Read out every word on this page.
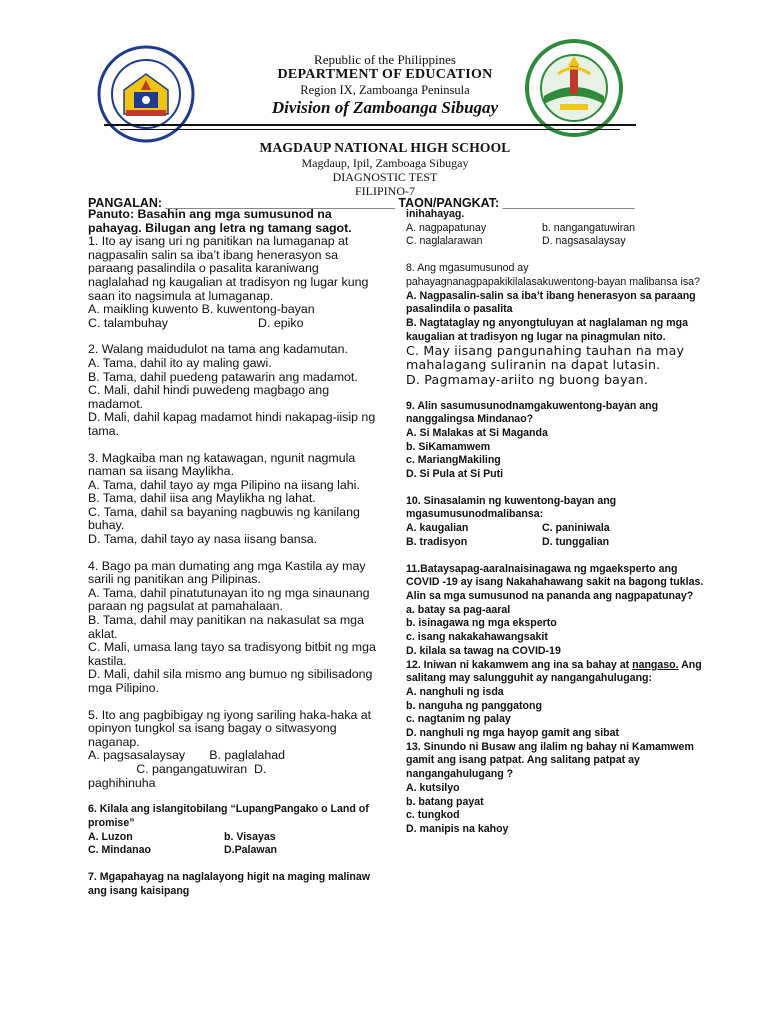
Republic of the Philippines
DEPARTMENT OF EDUCATION
Region IX, Zamboanga Peninsula
Division of Zamboanga Sibugay
MAGDAUP NATIONAL HIGH SCHOOL
Magdaup, Ipil, Zamboaga Sibugay
DIAGNOSTIC TEST
FILIPINO-7
PANGALAN: _________________________________ TAON/PANGKAT: ___________________

Panuto: Basahin ang mga sumusunod na pahayag. Bilugan ang letra ng tamang sagot.

1. Ito ay isang uri ng panitikan na lumaganap at nagpasalin salin sa iba’t ibang henerasyon sa paraang pasalindila o pasalita karaniwang naglalahad ng kaugalian at tradisyon ng lugar kung saan ito nagsimula at lumaganap.

A. maikling kuwento B. kuwentong-bayan

C. talambuhay	D. epiko

2. Walang maidudulot na tama ang kadamutan.

A. Tama, dahil ito ay maling gawi.

B. Tama, dahil puedeng patawarin ang madamot.

C. Mali, dahil hindi puwedeng magbago ang madamot.

D. Mali, dahil kapag madamot hindi nakapag-iisip ng tama.

3. Magkaiba man ng katawagan, ngunit nagmula naman sa iisang Maylikha.

A. Tama, dahil tayo ay mga Pilipino na iisang lahi.

B. Tama, dahil iisa ang Maylikha ng lahat.

C. Tama, dahil sa bayaning nagbuwis ng kanilang buhay.

D. Tama, dahil tayo ay nasa iisang bansa.

4. Bago pa man dumating ang mga Kastila ay may sarili ng panitikan ang Pilipinas.

A. Tama, dahil pinatutunayan ito ng mga sinaunang paraan ng pagsulat at pamahalaan.

B. Tama, dahil may panitikan na nakasulat sa mga aklat.

C. Mali, umasa lang tayo sa tradisyong bitbit ng mga kastila.

D. Mali, dahil sila mismo ang bumuo ng sibilisadong mga Pilipino.

5. Ito ang pagbibigay ng iyong sariling haka-haka at opinyon tungkol sa isang bagay o sitwasyong naganap.

A. pagsasalaysay       B. paglalahad

C. pangangatuwiran  D.

paghihinuha

6. Kilala ang islangitobilang “LupangPangako o Land of promise”

A. Luzon	b. Visayas
C. Mindanao	D.Palawan

7. Mgapahayag na naglalayong higit na maging malinaw ang isang kaisipang

inihahayag.

A. nagpapatunay	b. nangangatuwiran
C. naglalarawan	D. nagsasalaysay

8. Ang mgasumusunod ay pahayagnanagpapakikilalasakuwentong-bayan malibansa isa?

A. Nagpasalin-salin sa iba’t ibang henerasyon sa paraang pasalindila o pasalita

B. Nagtataglay ng anyongtuluyan at naglalaman ng mga kaugalian at tradisyon ng lugar na pinagmulan nito.

C. May iisang pangunahing tauhan na may mahalagang suliranin na dapat lutasin.

D. Pagmamay-ariito ng buong bayan.

9. Alin sasumusunodnamgakuwentong-bayan ang nanggalingsa Mindanao?

A. Si Malakas at Si Maganda

b. SiKamamwem

c. MariangMakiling

D. Si Pula at Si Puti

10. Sinasalamin ng kuwentong-bayan ang mgasumusunodmalibansa:

A. kaugalian	C. paniniwala
B. tradisyon	D. tunggalian

11.Bataysapag-aaralnaisinagawa ng mgaeksperto ang COVID -19 ay isang Nakahahawang sakit na bagong tuklas. Alin sa mga sumusunod na pananda ang nagpapatunay?

a. batay sa pag-aaral

b. isinagawa ng mga eksperto

c. isang nakakahawangsakit

D. kilala sa tawag na COVID-19

12. Iniwan ni kakamwem ang ina sa bahay at nangaso. Ang salitang may salungguhit ay nangangahulugang:

A. nanghuli ng isda

b. nanguha ng panggatong

c. nagtanim ng palay

D. nanghuli ng mga hayop gamit ang sibat

13. Sinundo ni Busaw ang ilalim ng bahay ni Kamamwem gamit ang isang patpat. Ang salitang patpat ay nangangahulugang ?

A. kutsilyo

b. batang payat

c. tungkod

D. manipis na kahoy
